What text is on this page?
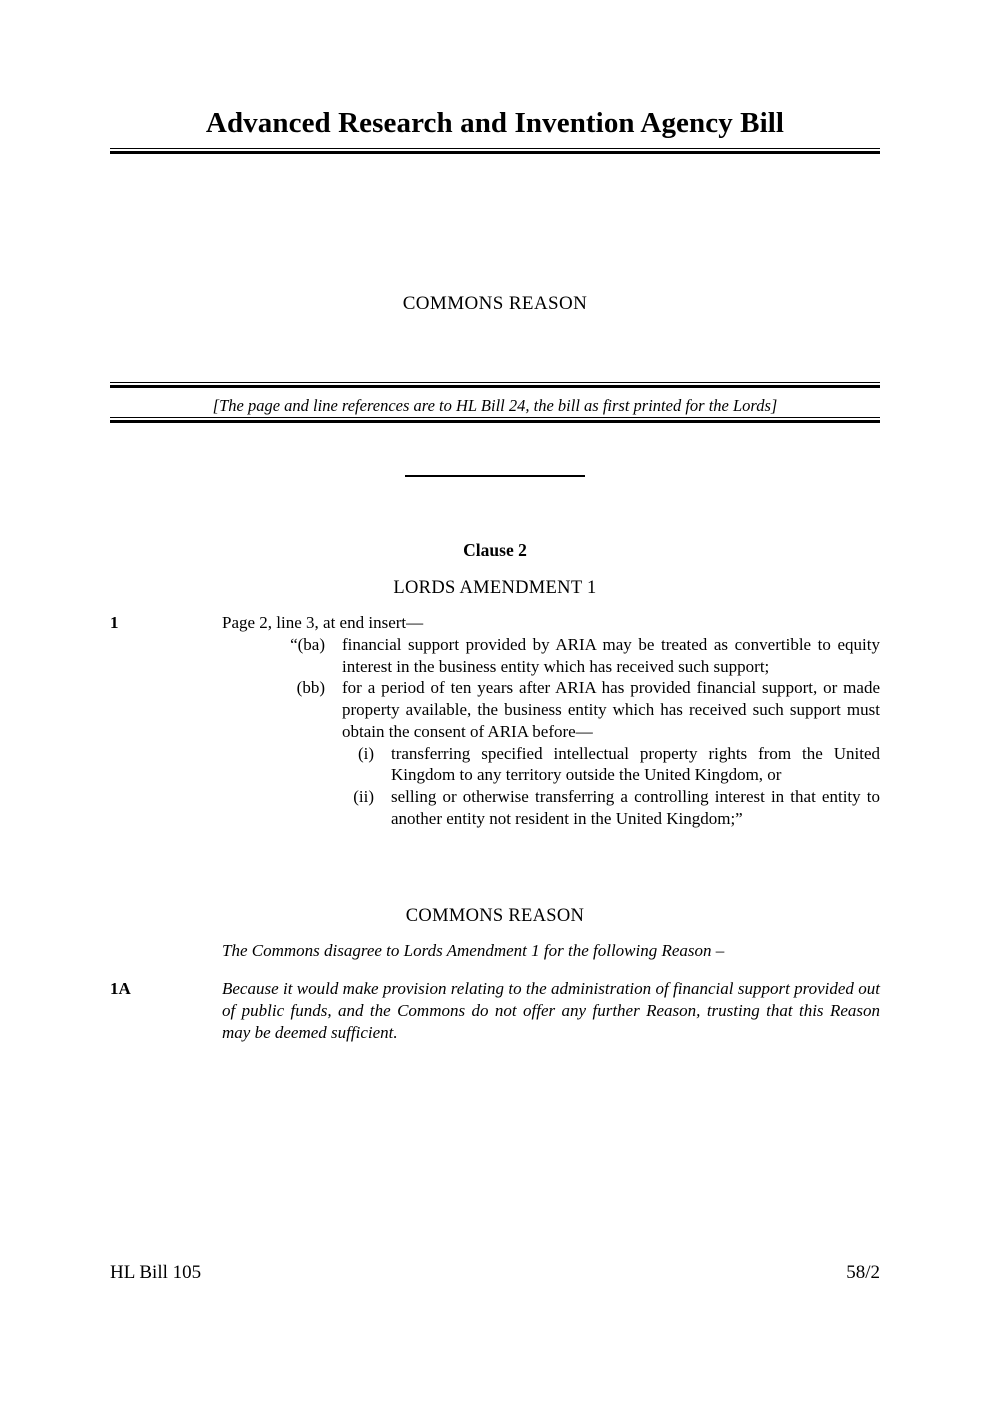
Advanced Research and Invention Agency Bill
COMMONS REASON
[The page and line references are to HL Bill 24, the bill as first printed for the Lords]
Clause 2
LORDS AMENDMENT 1
1	Page 2, line 3, at end insert—
“(ba) financial support provided by ARIA may be treated as convertible to equity interest in the business entity which has received such support;
(bb) for a period of ten years after ARIA has provided financial support, or made property available, the business entity which has received such support must obtain the consent of ARIA before—
(i) transferring specified intellectual property rights from the United Kingdom to any territory outside the United Kingdom, or
(ii) selling or otherwise transferring a controlling interest in that entity to another entity not resident in the United Kingdom;”
COMMONS REASON
The Commons disagree to Lords Amendment 1 for the following Reason –
1A	Because it would make provision relating to the administration of financial support provided out of public funds, and the Commons do not offer any further Reason, trusting that this Reason may be deemed sufficient.
HL Bill 105	58/2
